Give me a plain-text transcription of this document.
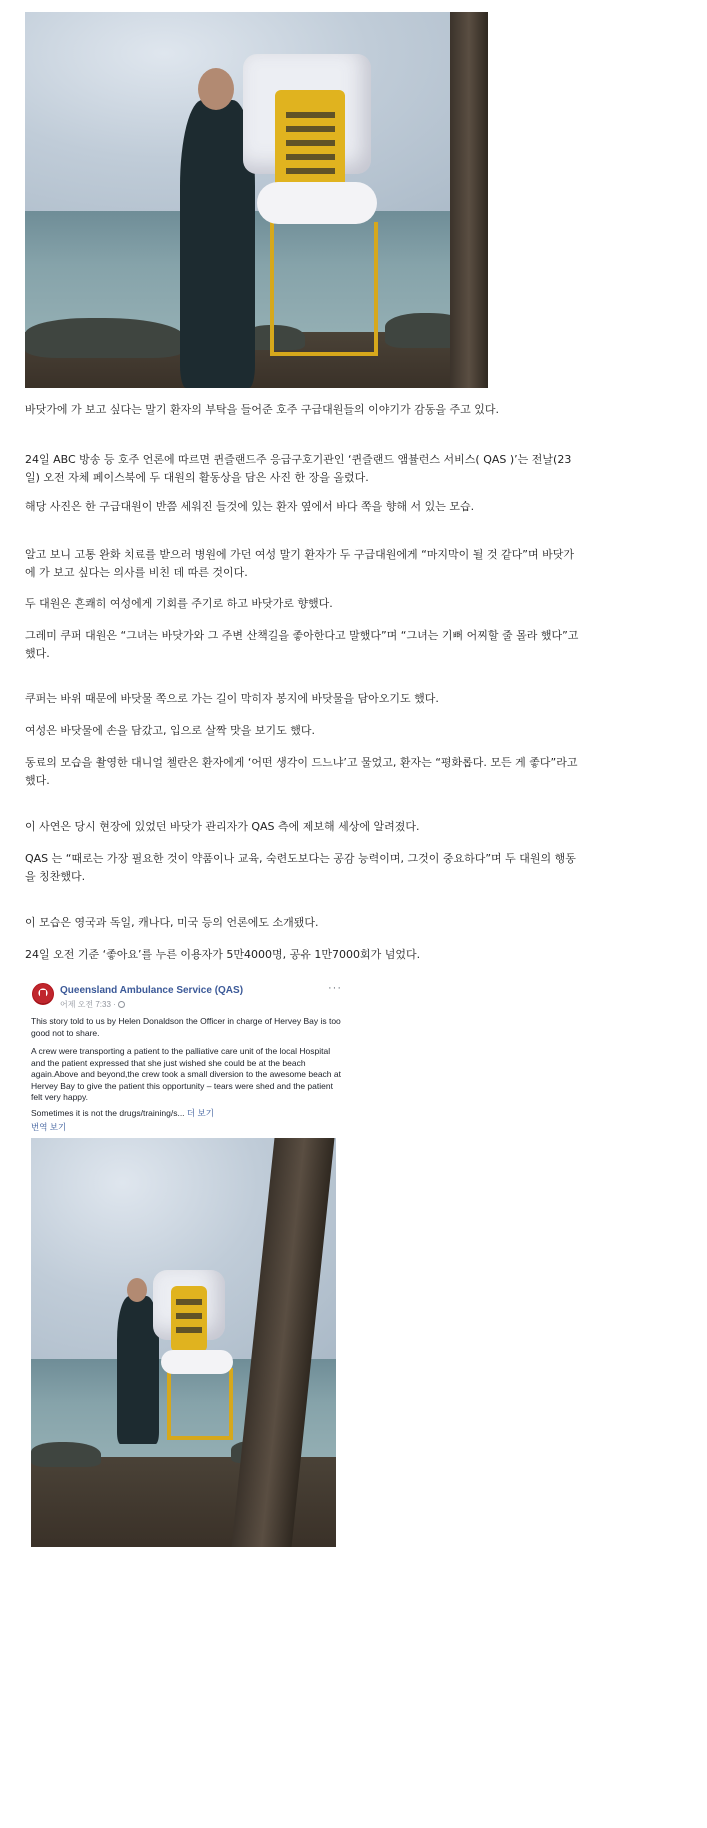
바닷가에 가 보고 싶다는 말기 환자의 부탁을 들어준 호주 구급대원들의 이야기가 감동을 주고 있다.

24일 ABC 방송 등 호주 언론에 따르면 퀸즐랜드주 응급구호기관인 ‘퀸즐랜드 앰뷸런스 서비스( QAS )’는 전날(23일) 오전 자체 페이스북에 두 대원의 활동상을 담은 사진 한 장을 올렸다.

해당 사진은 한 구급대원이 반쯤 세워진 들것에 있는 환자 옆에서 바다 쪽을 향해 서 있는 모습.

알고 보니 고통 완화 치료를 받으러 병원에 가던 여성 말기 환자가 두 구급대원에게 “마지막이 될 것 같다”며 바닷가에 가 보고 싶다는 의사를 비친 데 따른 것이다.

두 대원은 흔쾌히 여성에게 기회를 주기로 하고 바닷가로 향했다.

그레미 쿠퍼 대원은 “그녀는 바닷가와 그 주변 산책길을 좋아한다고 말했다”며 “그녀는 기뻐 어찌할 줄 몰라 했다”고 했다.

쿠퍼는 바위 때문에 바닷물 쪽으로 가는 길이 막히자 봉지에 바닷물을 담아오기도 했다.

여성은 바닷물에 손을 담갔고, 입으로 살짝 맛을 보기도 했다.

동료의 모습을 촬영한 대니얼 첼란은 환자에게 ‘어떤 생각이 드느냐’고 물었고, 환자는 “평화롭다. 모든 게 좋다”라고 했다.

이 사연은 당시 현장에 있었던 바닷가 관리자가 QAS 측에 제보해 세상에 알려졌다.

QAS 는 “때로는 가장 필요한 것이 약품이나 교육, 숙련도보다는 공감 능력이며, 그것이 중요하다”며 두 대원의 행동을 칭찬했다.

이 모습은 영국과 독일, 캐나다, 미국 등의 언론에도 소개됐다.

24일 오전 기준 ‘좋아요’를 누른 이용자가 5만4000명, 공유 1만7000회가 넘었다.

Queensland Ambulance Service (QAS)
어제 오전 7:33 ·
···

This story told to us by Helen Donaldson the Officer in charge of Hervey Bay is too good not to share.

A crew were transporting a patient to the palliative care unit of the local Hospital and the patient expressed that she just wished she could be at the beach again.Above and beyond,the crew took a small diversion to the awesome beach at Hervey Bay to give the patient this opportunity – tears were shed and the patient felt very happy.

Sometimes it is not the drugs/training/s... 더 보기

번역 보기
